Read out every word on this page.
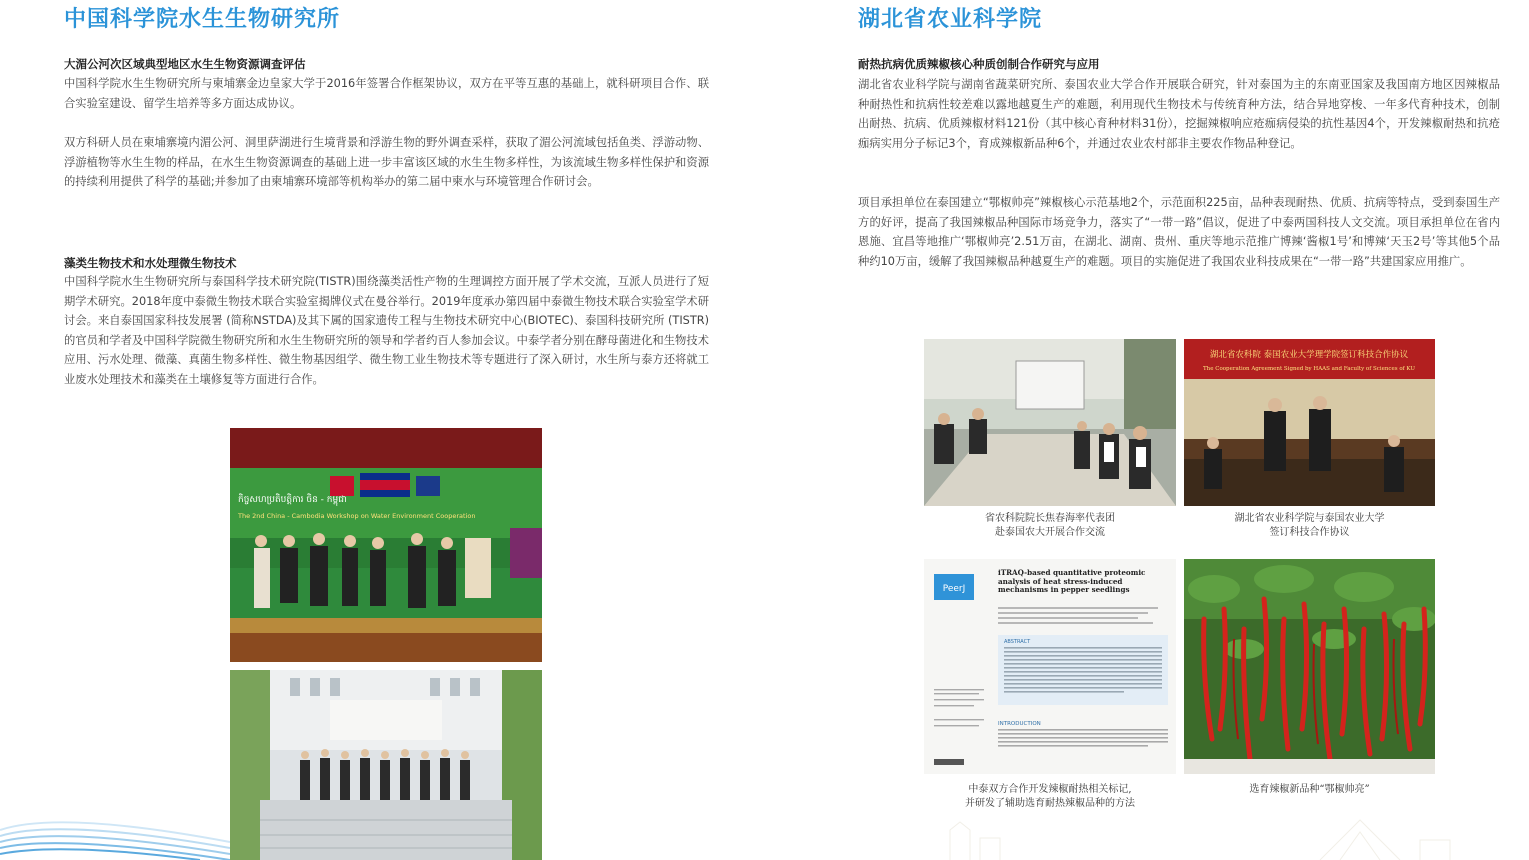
中国科学院水生生物研究所
大湄公河次区域典型地区水生生物资源调查评估

中国科学院水生生物研究所与柬埔寨金边皇家大学于2016年签署合作框架协议，双方在平等互惠的基础上，就科研项目合作、联合实验室建设、留学生培养等多方面达成协议。

双方科研人员在柬埔寨境内湄公河、洞里萨湖进行生境背景和浮游生物的野外调查采样，获取了湄公河流域包括鱼类、浮游动物、浮游植物等水生生物的样品，在水生生物资源调查的基础上进一步丰富该区域的水生生物多样性，为该流域生物多样性保护和资源的持续利用提供了科学的基础;并参加了由柬埔寨环境部等机构举办的第二届中柬水与环境管理合作研讨会。

藻类生物技术和水处理微生物技术

中国科学院水生生物研究所与泰国科学技术研究院(TISTR)围绕藻类活性产物的生理调控方面开展了学术交流，互派人员进行了短期学术研究。2018年度中泰微生物技术联合实验室揭牌仪式在曼谷举行。2019年度承办第四届中泰微生物技术联合实验室学术研讨会。来自泰国国家科技发展署 (简称NSTDA)及其下属的国家遗传工程与生物技术研究中心(BIOTEC)、泰国科技研究所 (TISTR)的官员和学者及中国科学院微生物研究所和水生生物研究所的领导和学者约百人参加会议。中泰学者分别在酵母菌进化和生物技术应用、污水处理、微藻、真菌生物多样性、微生物基因组学、微生物工业生物技术等专题进行了深入研讨，水生所与泰方还将就工业废水处理技术和藻类在土壤修复等方面进行合作。

កិច្ចសហប្រតិបត្តិការ ចិន - កម្ពុជា
The 2nd China - Cambodia Workshop on Water Environment Cooperation
湖北省农业科学院
耐热抗病优质辣椒核心种质创制合作研究与应用

湖北省农业科学院与湖南省蔬菜研究所、泰国农业大学合作开展联合研究，针对泰国为主的东南亚国家及我国南方地区因辣椒品种耐热性和抗病性较差难以露地越夏生产的难题，利用现代生物技术与传统育种方法，结合异地穿梭、一年多代育种技术，创制出耐热、抗病、优质辣椒材料121份（其中核心育种材料31份），挖掘辣椒响应疮痂病侵染的抗性基因4个，开发辣椒耐热和抗疮痂病实用分子标记3个，育成辣椒新品种6个，并通过农业农村部非主要农作物品种登记。

项目承担单位在泰国建立“鄂椒帅亮”辣椒核心示范基地2个，示范面积225亩，品种表现耐热、优质、抗病等特点，受到泰国生产方的好评，提高了我国辣椒品种国际市场竞争力，落实了“一带一路”倡议，促进了中泰两国科技人文交流。项目承担单位在省内恩施、宜昌等地推广‘鄂椒帅亮’2.51万亩，在湖北、湖南、贵州、重庆等地示范推广博辣‘酱椒1号’和博辣‘天玉2号’等其他5个品种约10万亩，缓解了我国辣椒品种越夏生产的难题。项目的实施促进了我国农业科技成果在“一带一路”共建国家应用推广。

湖北省农科院 泰国农业大学理学院签订科技合作协议
The Cooperation Agreement Signed by HAAS and Faculty of Sciences of KU
PeerJ
iTRAQ-based quantitative proteomic analysis of heat stress-induced mechanisms in pepper seedlings
ABSTRACT
INTRODUCTION
省农科院院长焦春海率代表团
赴泰国农大开展合作交流
湖北省农业科学院与泰国农业大学
签订科技合作协议
中泰双方合作开发辣椒耐热相关标记,
并研发了辅助选育耐热辣椒品种的方法
选育辣椒新品种“鄂椒帅亮”
